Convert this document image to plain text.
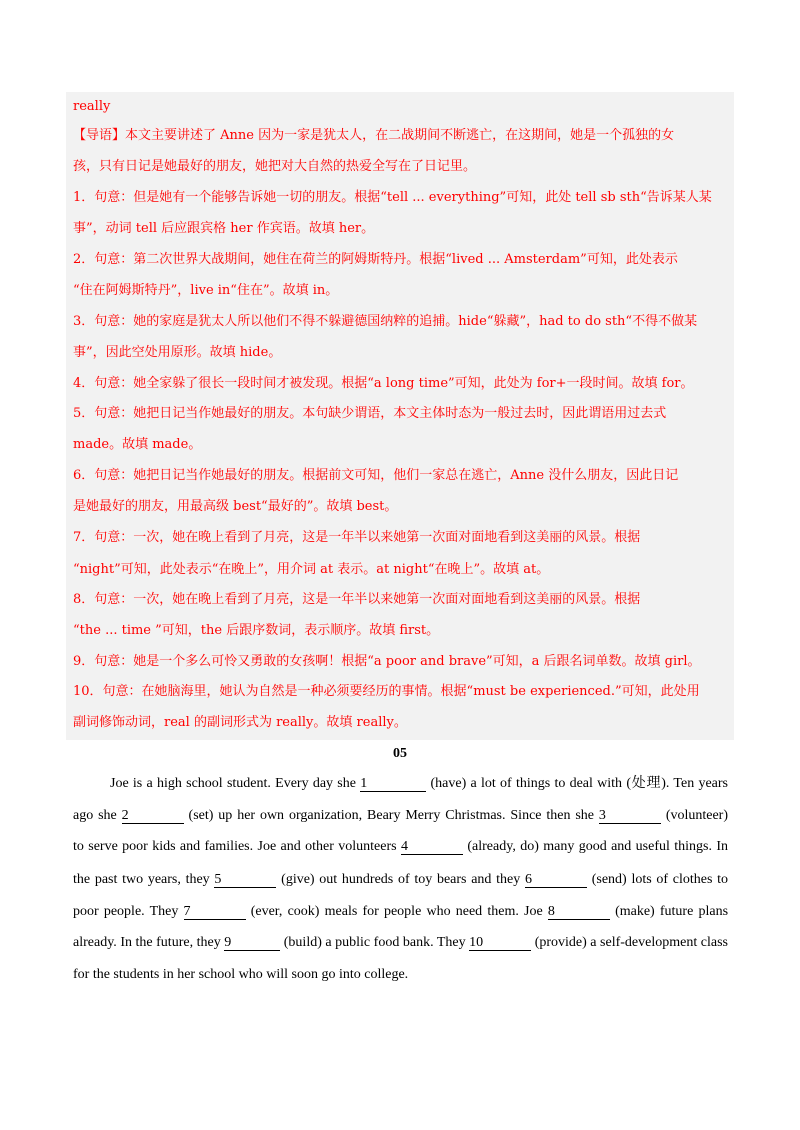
really
【导语】本文主要讲述了 Anne 因为一家是犹太人，在二战期间不断逃亡，在这期间，她是一个孤独的女
孩，只有日记是她最好的朋友，她把对大自然的热爱全写在了日记里。
1．句意：但是她有一个能够告诉她一切的朋友。根据“tell ... everything”可知，此处 tell sb sth“告诉某人某
事”，动词 tell 后应跟宾格 her 作宾语。故填 her。
2．句意：第二次世界大战期间，她住在荷兰的阿姆斯特丹。根据“lived ... Amsterdam”可知，此处表示
“住在阿姆斯特丹”，live in“住在”。故填 in。
3．句意：她的家庭是犹太人所以他们不得不躲避德国纳粹的追捕。hide“躲藏”，had to do sth“不得不做某
事”，因此空处用原形。故填 hide。
4．句意：她全家躲了很长一段时间才被发现。根据“a long time”可知，此处为 for+一段时间。故填 for。
5．句意：她把日记当作她最好的朋友。本句缺少谓语，本文主体时态为一般过去时，因此谓语用过去式
made。故填 made。
6．句意：她把日记当作她最好的朋友。根据前文可知，他们一家总在逃亡，Anne 没什么朋友，因此日记
是她最好的朋友，用最高级 best“最好的”。故填 best。
7．句意：一次，她在晚上看到了月亮，这是一年半以来她第一次面对面地看到这美丽的风景。根据
“night”可知，此处表示“在晚上”，用介词 at 表示。at night“在晚上”。故填 at。
8．句意：一次，她在晚上看到了月亮，这是一年半以来她第一次面对面地看到这美丽的风景。根据
“the ... time ”可知，the 后跟序数词，表示顺序。故填 first。
9．句意：她是一个多么可怜又勇敢的女孩啊！根据“a poor and brave”可知，a 后跟名词单数。故填 girl。
10．句意：在她脑海里，她认为自然是一种必须要经历的事情。根据“must be experienced.”可知，此处用
副词修饰动词，real 的副词形式为 really。故填 really。
05
Joe is a high school student. Every day she 1	(have) a lot of things to deal with (处理). Ten years
ago she 2	(set) up her own organization, Beary Merry Christmas. Since then she 3	(volunteer)
to serve poor kids and families. Joe and other volunteers 4	(already, do) many good and useful things. In
the past two years, they 5	(give) out hundreds of toy bears and they 6	(send) lots of clothes to
poor people. They 7	(ever, cook) meals for people who need them. Joe 8	(make) future plans
already. In the future, they 9	(build) a public food bank. They 10	(provide) a self-development class
for the students in her school who will soon go into college.
